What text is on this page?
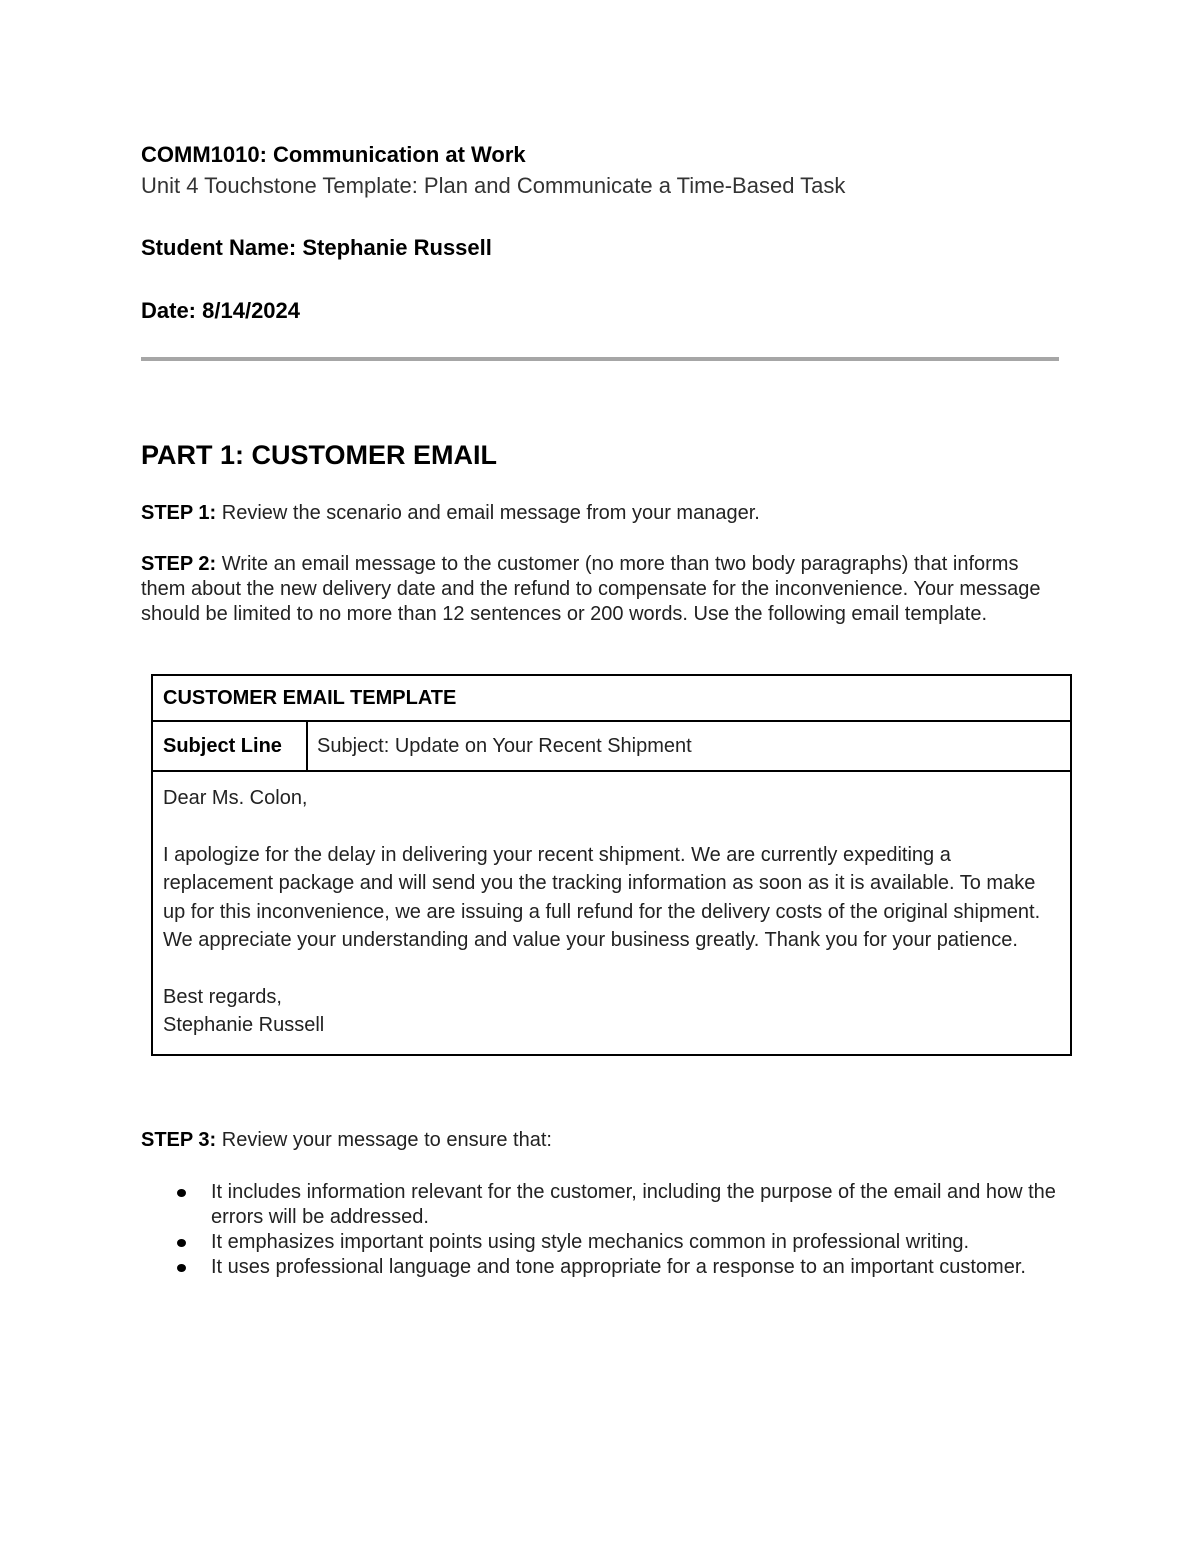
COMM1010: Communication at Work
Unit 4 Touchstone Template: Plan and Communicate a Time-Based Task
Student Name: Stephanie Russell
Date: 8/14/2024
PART 1: CUSTOMER EMAIL
STEP 1: Review the scenario and email message from your manager.
STEP 2: Write an email message to the customer (no more than two body paragraphs) that informs them about the new delivery date and the refund to compensate for the inconvenience. Your message should be limited to no more than 12 sentences or 200 words. Use the following email template.
CUSTOMER EMAIL TEMPLATE
Subject Line	Subject: Update on Your Recent Shipment

Dear Ms. Colon,

I apologize for the delay in delivering your recent shipment. We are currently expediting a replacement package and will send you the tracking information as soon as it is available. To make up for this inconvenience, we are issuing a full refund for the delivery costs of the original shipment. We appreciate your understanding and value your business greatly. Thank you for your patience.

Best regards,

Stephanie Russell

STEP 3: Review your message to ensure that:
It includes information relevant for the customer, including the purpose of the email and how the errors will be addressed.
It emphasizes important points using style mechanics common in professional writing.
It uses professional language and tone appropriate for a response to an important customer.
